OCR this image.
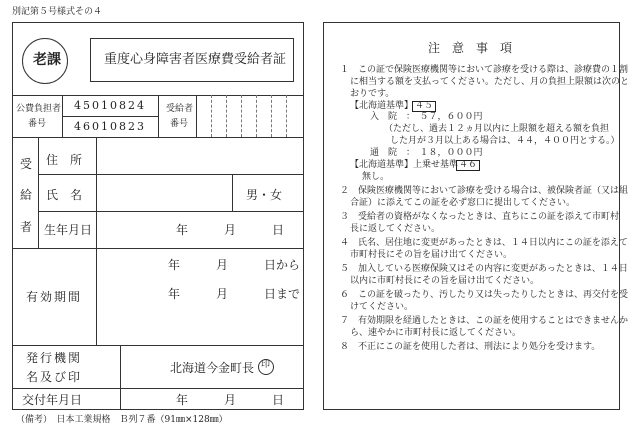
別記第５号様式その４
老課	重度心身障害者医療費受給者証
公費負担者
番号
45010824
46010823
受給者
番号
受
給
者
住　所
氏　名	男・女
生年月日	年　　　月　　　日
有効期間
年　　　月　　　日から
年　　　月　　　日まで
発行機関
名及び印
北海道今金町長 印
交付年月日	年　　　月　　　日
（備考）　日本工業規格　Ｂ列７番（91㎜×128㎜）
注　意　事　項
１　この証で保険医療機関等において診療を受ける際は、診療費の１割
に相当する額を支払ってください。ただし、月の負担上限額は次のと
おりです。
【北海道基準】 ４５
入　院　：　５７，６００円
（ただし、過去１２ヵ月以内に上限額を超える額を負担
した月が３月以上ある場合は、４４，４００円とする。）
通　院　：　１８，０００円
【北海道基準】上乗せ基準 ４６
無し。
２　保険医療機関等において診療を受ける場合は、被保険者証（又は組
合証）に添えてこの証を必ず窓口に提出してください。
３　受給者の資格がなくなったときは、直ちにこの証を添えて市町村
長に返してください。
４　氏名、居住地に変更があったときは、１４日以内にこの証を添えて
市町村長にその旨を届け出てください。
５　加入している医療保険又はその内容に変更があったときは、１４日
以内に市町村長にその旨を届け出てください。
６　この証を破ったり、汚したり又は失ったりしたときは、再交付を受
けてください。
７　有効期限を経過したときは、この証を使用することはできませんか
ら、速やかに市町村長に返してください。
８　不正にこの証を使用した者は、刑法により処分を受けます。
